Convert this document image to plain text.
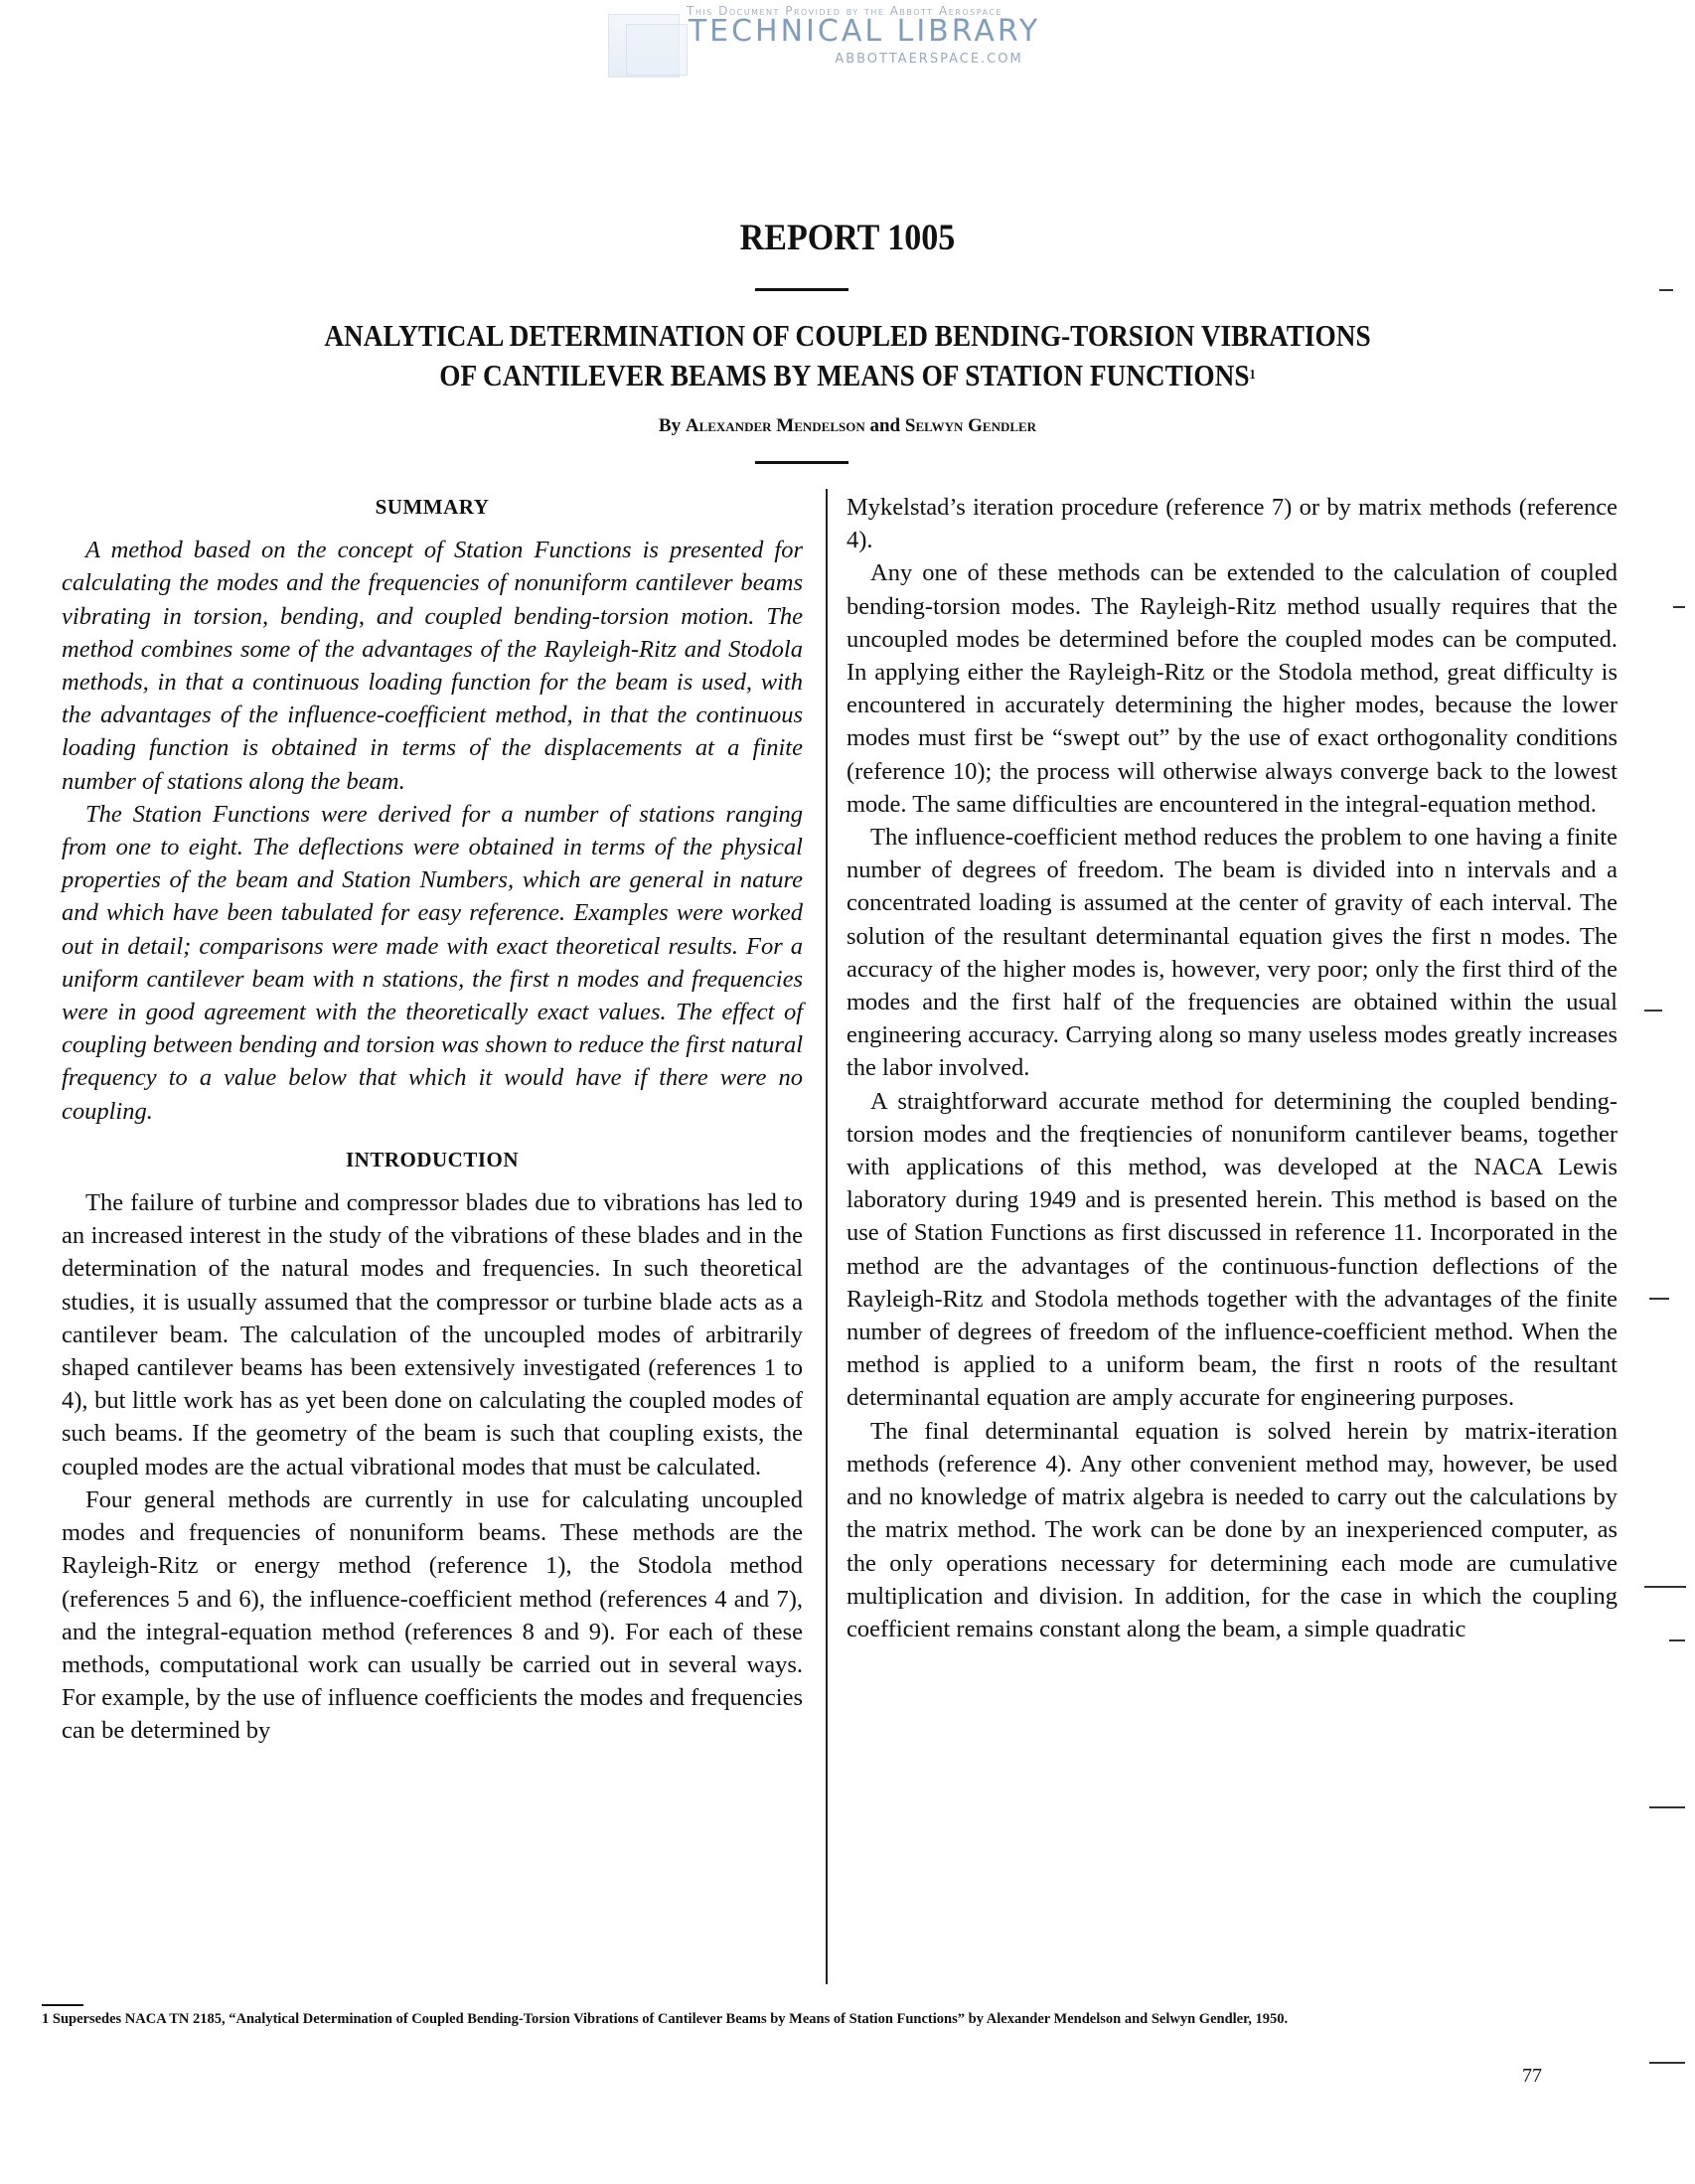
This Document Provided by the Abbott Aerospace
TECHNICAL LIBRARY
ABBOTTAERSPACE.COM
REPORT 1005
ANALYTICAL DETERMINATION OF COUPLED BENDING-TORSION VIBRATIONS
OF CANTILEVER BEAMS BY MEANS OF STATION FUNCTIONS$^1$
By Alexander Mendelson and Selwyn Gendler

SUMMARY

A method based on the concept of Station Functions is presented for calculating the modes and the frequencies of nonuniform cantilever beams vibrating in torsion, bending, and coupled bending-torsion motion. The method combines some of the advantages of the Rayleigh-Ritz and Stodola methods, in that a continuous loading function for the beam is used, with the advantages of the influence-coefficient method, in that the continuous loading function is obtained in terms of the displacements at a finite number of stations along the beam.

The Station Functions were derived for a number of stations ranging from one to eight. The deflections were obtained in terms of the physical properties of the beam and Station Numbers, which are general in nature and which have been tabulated for easy reference. Examples were worked out in detail; comparisons were made with exact theoretical results. For a uniform cantilever beam with n stations, the first n modes and frequencies were in good agreement with the theoretically exact values. The effect of coupling between bending and torsion was shown to reduce the first natural frequency to a value below that which it would have if there were no coupling.

INTRODUCTION

The failure of turbine and compressor blades due to vibrations has led to an increased interest in the study of the vibrations of these blades and in the determination of the natural modes and frequencies. In such theoretical studies, it is usually assumed that the compressor or turbine blade acts as a cantilever beam. The calculation of the uncoupled modes of arbitrarily shaped cantilever beams has been extensively investigated (references 1 to 4), but little work has as yet been done on calculating the coupled modes of such beams. If the geometry of the beam is such that coupling exists, the coupled modes are the actual vibrational modes that must be calculated.

Four general methods are currently in use for calculating uncoupled modes and frequencies of nonuniform beams. These methods are the Rayleigh-Ritz or energy method (reference 1), the Stodola method (references 5 and 6), the influence-coefficient method (references 4 and 7), and the integral-equation method (references 8 and 9). For each of these methods, computational work can usually be carried out in several ways. For example, by the use of influence coefficients the modes and frequencies can be determined by

Mykelstad’s iteration procedure (reference 7) or by matrix methods (reference 4).

Any one of these methods can be extended to the calculation of coupled bending-torsion modes. The Rayleigh-Ritz method usually requires that the uncoupled modes be determined before the coupled modes can be computed. In applying either the Rayleigh-Ritz or the Stodola method, great difficulty is encountered in accurately determining the higher modes, because the lower modes must first be “swept out” by the use of exact orthogonality conditions (reference 10); the process will otherwise always converge back to the lowest mode. The same difficulties are encountered in the integral-equation method.

The influence-coefficient method reduces the problem to one having a finite number of degrees of freedom. The beam is divided into n intervals and a concentrated loading is assumed at the center of gravity of each interval. The solution of the resultant determinantal equation gives the first n modes. The accuracy of the higher modes is, however, very poor; only the first third of the modes and the first half of the frequencies are obtained within the usual engineering accuracy. Carrying along so many useless modes greatly increases the labor involved.

A straightforward accurate method for determining the coupled bending-torsion modes and the freqtiencies of nonuniform cantilever beams, together with applications of this method, was developed at the NACA Lewis laboratory during 1949 and is presented herein. This method is based on the use of Station Functions as first discussed in reference 11. Incorporated in the method are the advantages of the continuous-function deflections of the Rayleigh-Ritz and Stodola methods together with the advantages of the finite number of degrees of freedom of the influence-coefficient method. When the method is applied to a uniform beam, the first n roots of the resultant determinantal equation are amply accurate for engineering purposes.

The final determinantal equation is solved herein by matrix-iteration methods (reference 4). Any other convenient method may, however, be used and no knowledge of matrix algebra is needed to carry out the calculations by the matrix method. The work can be done by an inexperienced computer, as the only operations necessary for determining each mode are cumulative multiplication and division. In addition, for the case in which the coupling coefficient remains constant along the beam, a simple quadratic

1 Supersedes NACA TN 2185, “Analytical Determination of Coupled Bending-Torsion Vibrations of Cantilever Beams by Means of Station Functions” by Alexander Mendelson and Selwyn Gendler, 1950.
77
